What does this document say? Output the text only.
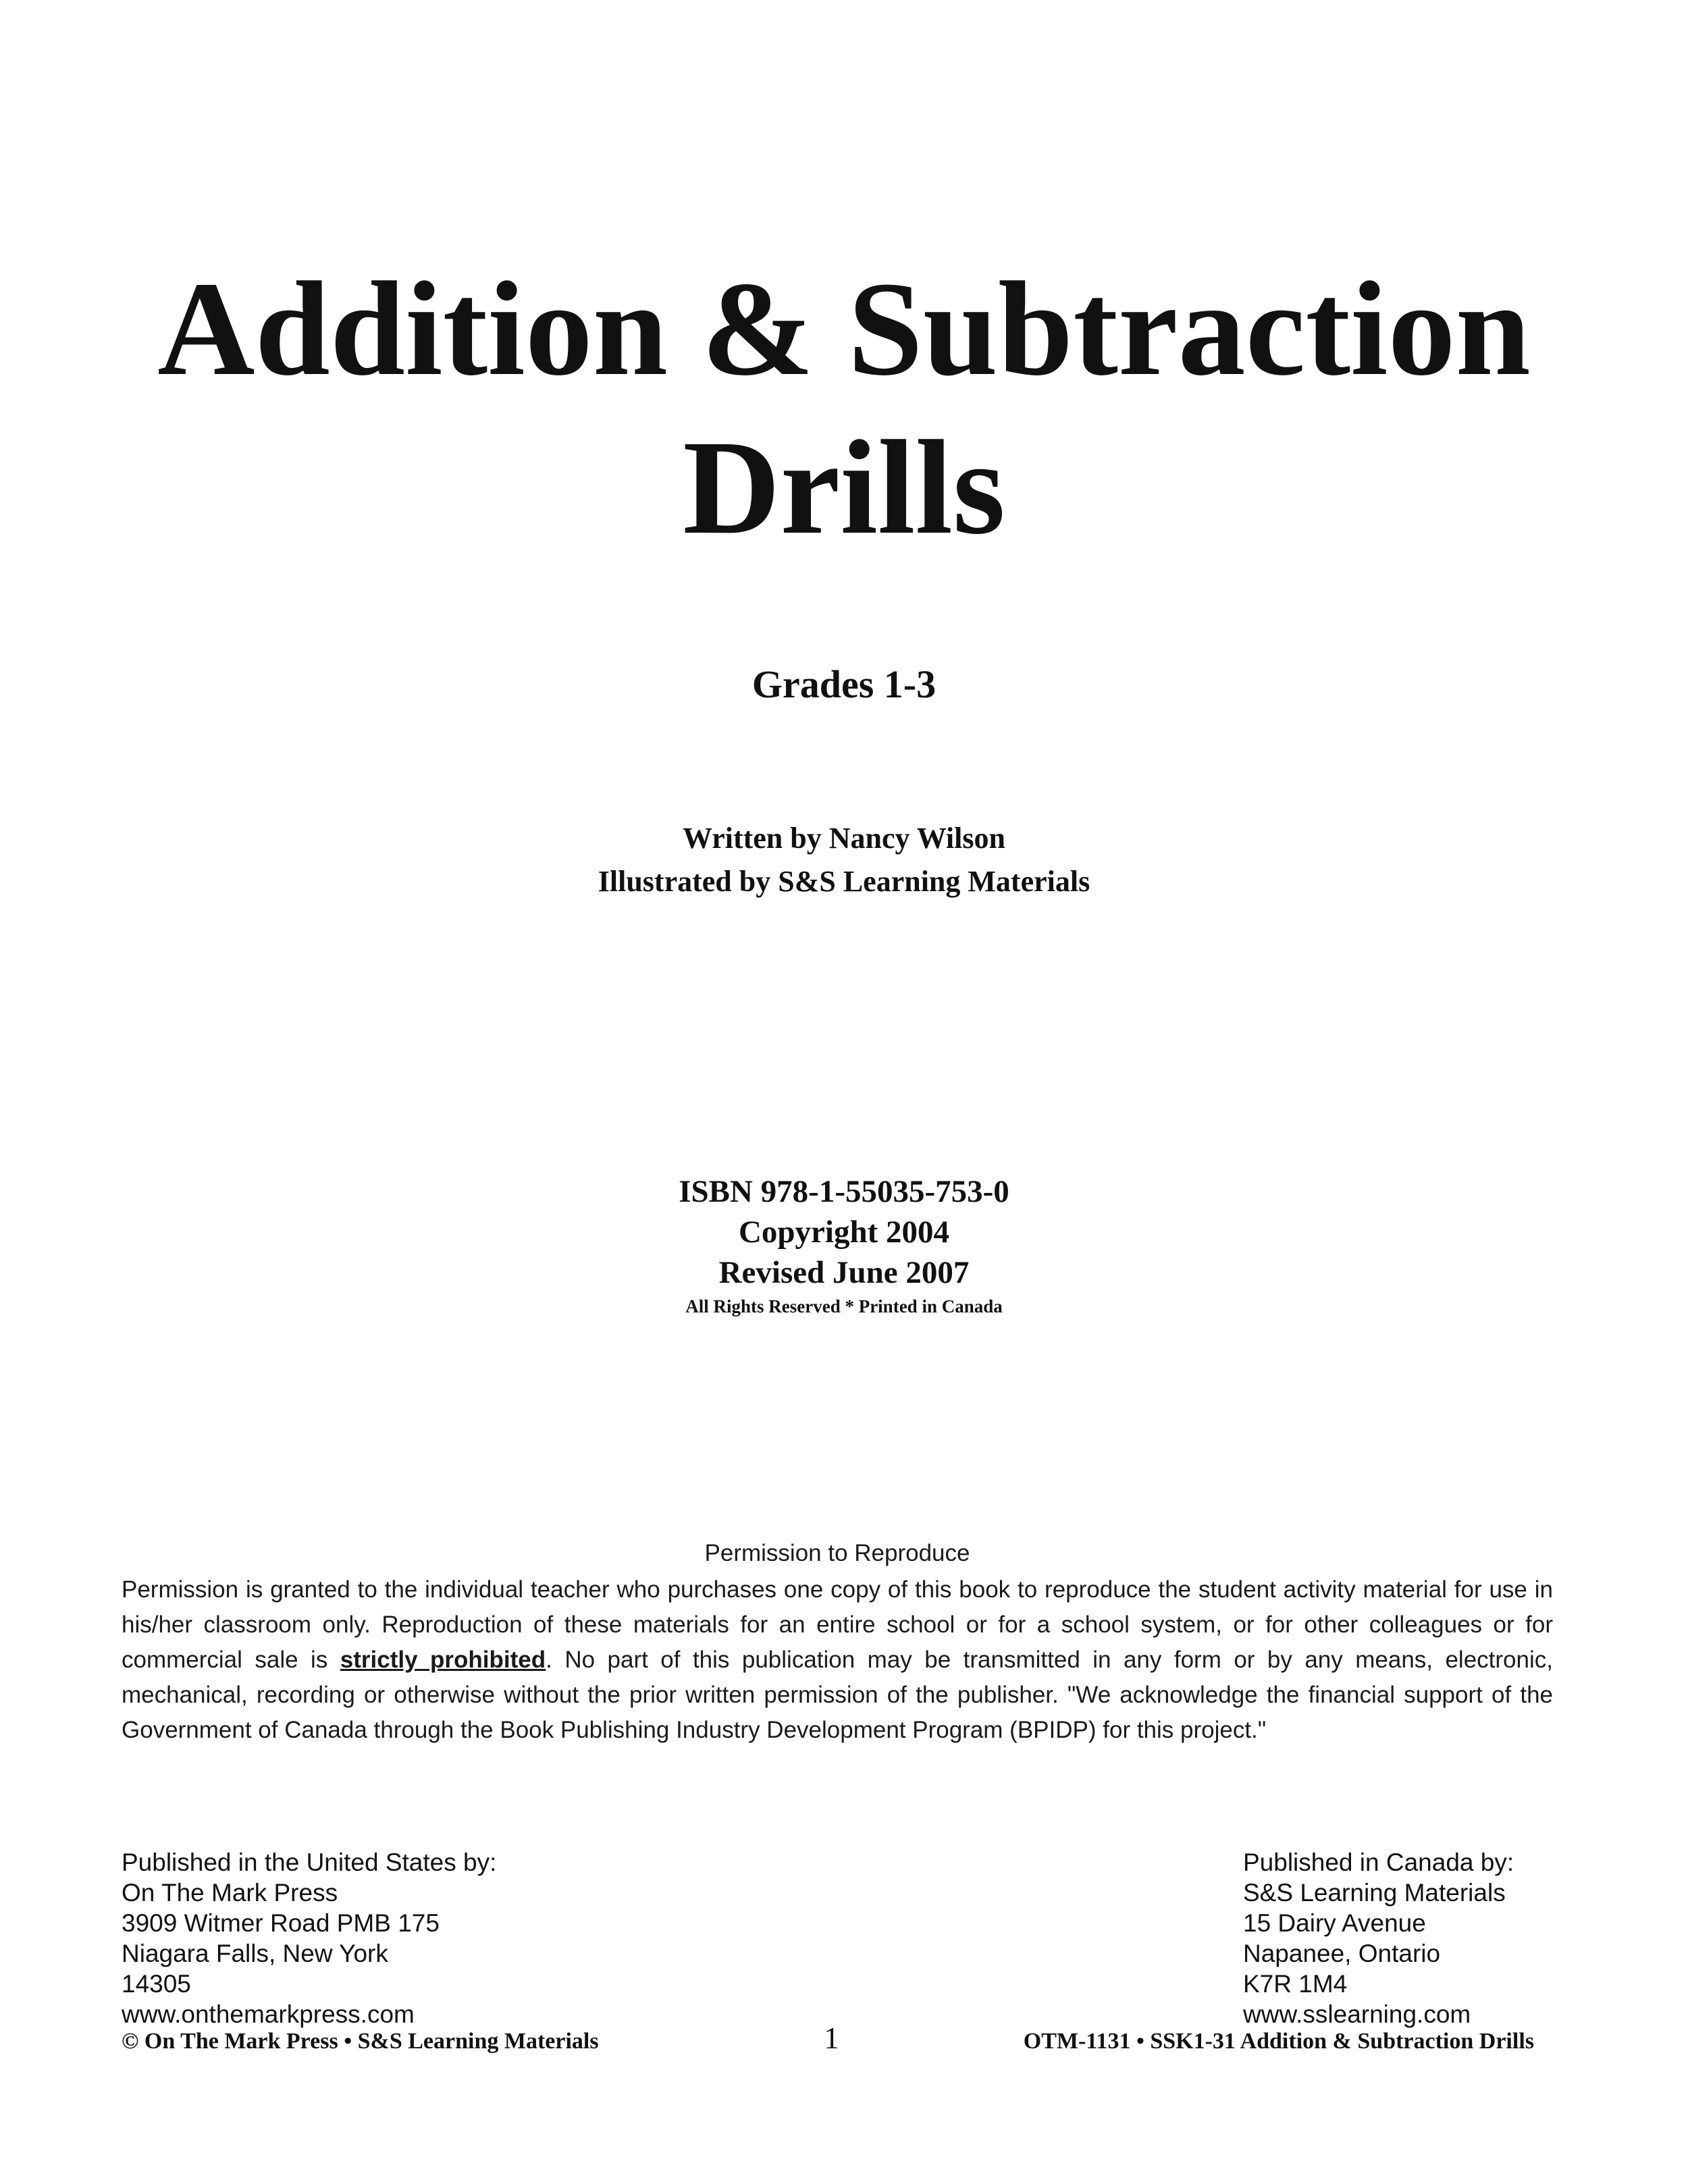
Addition & Subtraction
Drills
Grades 1-3
Written by Nancy Wilson
Illustrated by S&S Learning Materials
ISBN 978-1-55035-753-0
Copyright 2004
Revised June 2007
All Rights Reserved * Printed in Canada
Permission to Reproduce
Permission is granted to the individual teacher who purchases one copy of this book to reproduce the student activity material for use in his/her classroom only. Reproduction of these materials for an entire school or for a school system, or for other colleagues or for commercial sale is strictly prohibited. No part of this publication may be transmitted in any form or by any means, electronic, mechanical, recording or otherwise without the prior written permission of the publisher. "We acknowledge the financial support of the Government of Canada through the Book Publishing Industry Development Program (BPIDP) for this project."
Published in the United States by:
On The Mark Press
3909 Witmer Road PMB 175
Niagara Falls, New York
14305
www.onthemarkpress.com
Published in Canada by:
S&S Learning Materials
15 Dairy Avenue
Napanee, Ontario
K7R 1M4
www.sslearning.com
© On The Mark Press • S&S Learning Materials	1	OTM-1131 • SSK1-31 Addition & Subtraction Drills
